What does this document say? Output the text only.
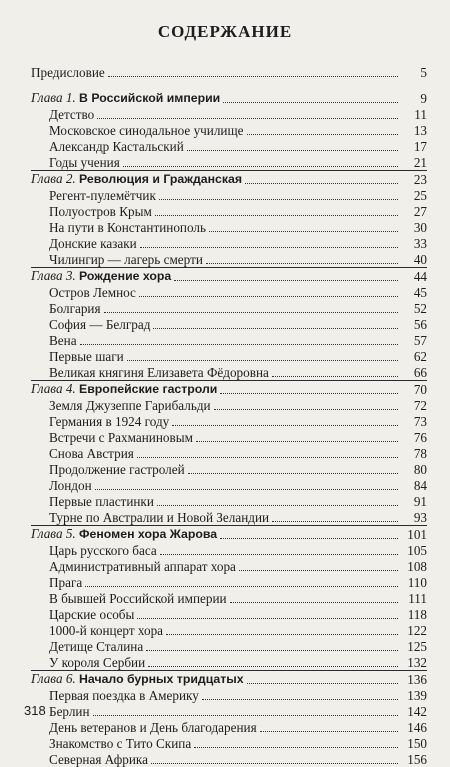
СОДЕРЖАНИЕ
Предисловие	5
Глава 1. В Российской империи	9
Детство	11
Московское синодальное училище	13
Александр Кастальский	17
Годы учения	21
Глава 2. Революция и Гражданская	23
Регент-пулемётчик	25
Полуостров Крым	27
На пути в Константинополь	30
Донские казаки	33
Чилингир — лагерь смерти	40
Глава 3. Рождение хора	44
Остров Лемнос	45
Болгария	52
София — Белград	56
Вена	57
Первые шаги	62
Великая княгиня Елизавета Фёдоровна	66
Глава 4. Европейские гастроли	70
Земля Джузеппе Гарибальди	72
Германия в 1924 году	73
Встречи с Рахманиновым	76
Снова Австрия	78
Продолжение гастролей	80
Лондон	84
Первые пластинки	91
Турне по Австралии и Новой Зеландии	93
Глава 5. Феномен хора Жарова	101
Царь русского баса	105
Административный аппарат хора	108
Прага	110
В бывшей Российской империи	111
Царские особы	118
1000-й концерт хора	122
Детище Сталина	125
У короля Сербии	132
Глава 6. Начало бурных тридцатых	136
Первая поездка в Америку	139
Берлин	142
День ветеранов и День благодарения	146
Знакомство с Тито Скипа	150
Северная Африка	156
318
